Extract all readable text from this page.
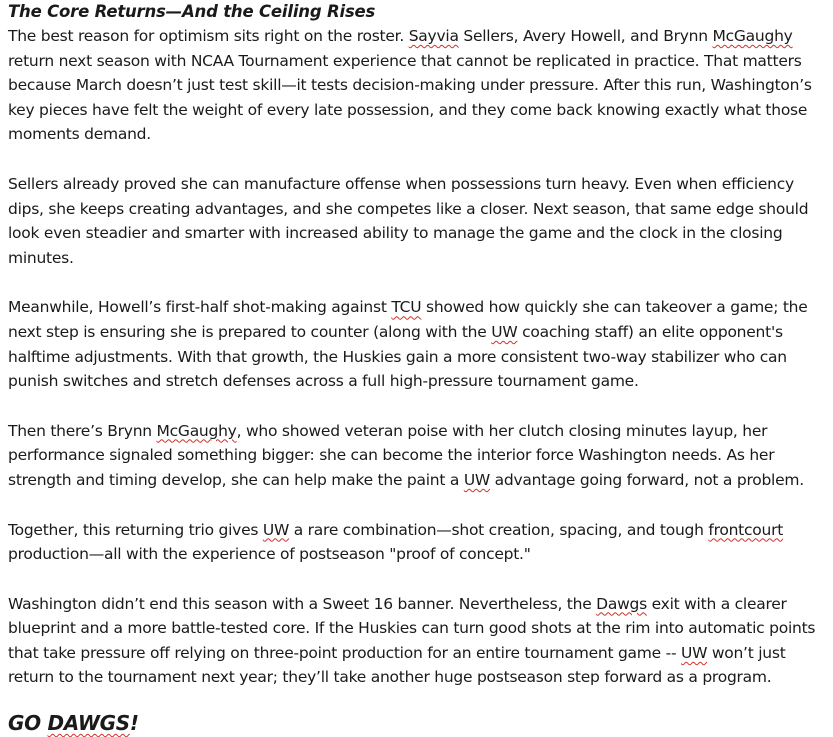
The Core Returns—And the Ceiling Rises

The best reason for optimism sits right on the roster. Sayvia Sellers, Avery Howell, and Brynn McGaughy return next season with NCAA Tournament experience that cannot be replicated in practice. That matters because March doesn’t just test skill—it tests decision-making under pressure. After this run, Washington’s key pieces have felt the weight of every late possession, and they come back knowing exactly what those moments demand.

Sellers already proved she can manufacture offense when possessions turn heavy. Even when efficiency dips, she keeps creating advantages, and she competes like a closer. Next season, that same edge should look even steadier and smarter with increased ability to manage the game and the clock in the closing minutes.

Meanwhile, Howell’s first-half shot-making against TCU showed how quickly she can takeover a game; the next step is ensuring she is prepared to counter (along with the UW coaching staff) an elite opponent's halftime adjustments. With that growth, the Huskies gain a more consistent two-way stabilizer who can punish switches and stretch defenses across a full high-pressure tournament game.

Then there’s Brynn McGaughy, who showed veteran poise with her clutch closing minutes layup, her performance signaled something bigger: she can become the interior force Washington needs. As her strength and timing develop, she can help make the paint a UW advantage going forward, not a problem.

Together, this returning trio gives UW a rare combination—shot creation, spacing, and tough frontcourt production—all with the experience of postseason "proof of concept."

Washington didn’t end this season with a Sweet 16 banner. Nevertheless, the Dawgs exit with a clearer blueprint and a more battle-tested core. If the Huskies can turn good shots at the rim into automatic points that take pressure off relying on three-point production for an entire tournament game -- UW won’t just return to the tournament next year; they’ll take another huge postseason step forward as a program.

GO DAWGS!
